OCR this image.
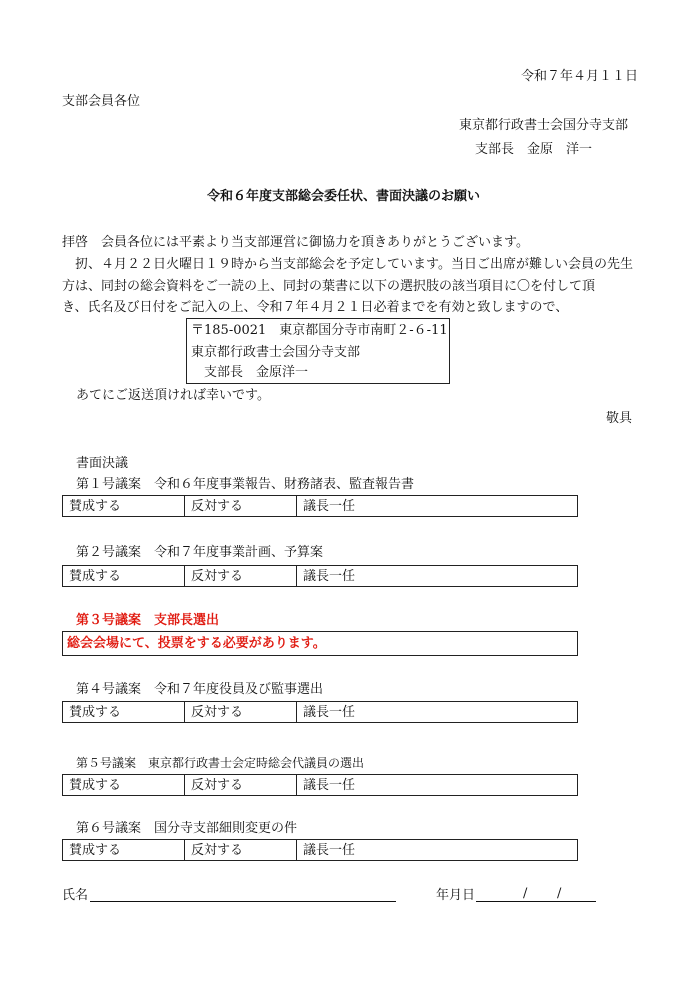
令和７年４月１１日
支部会員各位
東京都行政書士会国分寺支部
支部長　金原　洋一
令和６年度支部総会委任状、書面決議のお願い
拝啓　会員各位には平素より当支部運営に御協力を頂きありがとうございます。
　扨、４月２２日火曜日１９時から当支部総会を予定しています。当日ご出席が難しい会員の先生
方は、同封の総会資料をご一読の上、同封の葉書に以下の選択肢の該当項目に〇を付して頂
き、氏名及び日付をご記入の上、令和７年４月２１日必着までを有効と致しますので、
〒185-0021　東京都国分寺市南町２-６-11
東京都行政書士会国分寺支部
　支部長　金原洋一
あてにご返送頂ければ幸いです。
敬具
書面決議
第１号議案　令和６年度事業報告、財務諸表、監査報告書
賛成する	反対する	議長一任
第２号議案　令和７年度事業計画、予算案
賛成する	反対する	議長一任
第３号議案　支部長選出
総会会場にて、投票をする必要があります。
第４号議案　令和７年度役員及び監事選出
賛成する	反対する	議長一任
第５号議案　東京都行政書士会定時総会代議員の選出
賛成する	反対する	議長一任
第６号議案　国分寺支部細則変更の件
賛成する	反対する	議長一任
氏名	年月日	/ /
